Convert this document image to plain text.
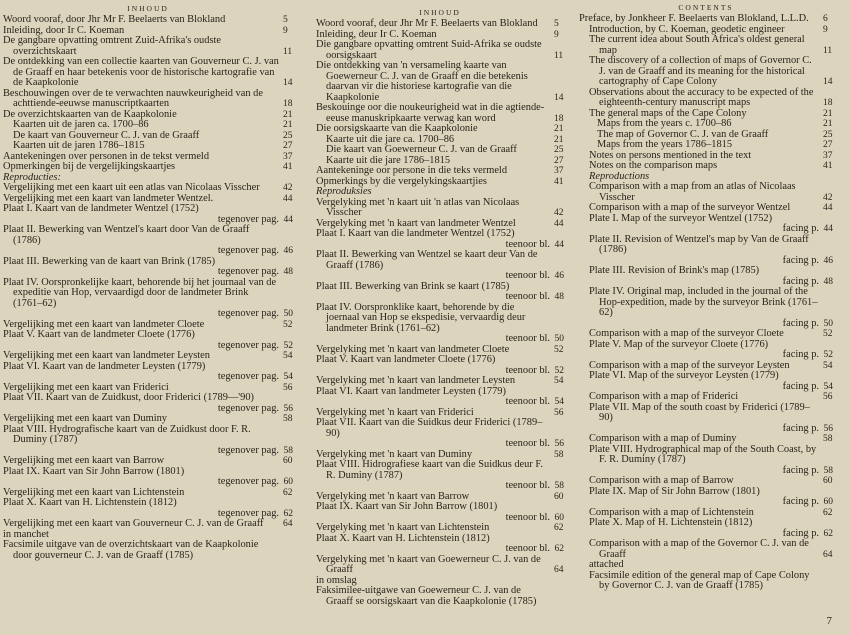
INHOUD
Woord vooraf, door Jhr Mr F. Beelaerts van Blokland	5
Inleiding, door Ir C. Koeman	9
De gangbare opvatting omtrent Zuid-Afrika's oudste overzichtskaart	11
De ontdekking van een collectie kaarten van Gouverneur C. J. van de Graaff en haar betekenis voor de historische kartografie van de Kaapkolonie	14
Beschouwingen over de te verwachten nauwkeurigheid van de achttiende-eeuwse manuscriptkaarten	18
De overzichtskaarten van de Kaapkolonie	21
Kaarten uit de jaren ca. 1700–86	21
De kaart van Gouverneur C. J. van de Graaff	25
Kaarten uit de jaren 1786–1815	27
Aantekeningen over personen in de tekst vermeld	37
Opmerkingen bij de vergelijkingskaartjes	41
Reproducties:
Vergelijking met een kaart uit een atlas van Nicolaas Visscher	42
Vergelijking met een kaart van landmeter Wentzel.	44
Plaat I. Kaart van de landmeter Wentzel (1752)
tegenover pag. 44
Plaat II. Bewerking van Wentzel's kaart door Van de Graaff (1786)
tegenover pag. 46
Plaat III. Bewerking van de kaart van Brink (1785)
tegenover pag. 48
Plaat IV. Oorspronkelijke kaart, behorende bij het journaal van de expeditie van Hop, vervaardigd door de landmeter Brink (1761–62)
tegenover pag. 50
Vergelijking met een kaart van landmeter Cloete	52
Plaat V. Kaart van de landmeter Cloete (1776)
tegenover pag. 52
Vergelijking met een kaart van landmeter Leysten	54
Plaat VI. Kaart van de landmeter Leysten (1779)
tegenover pag. 54
Vergelijking met een kaart van Friderici	56
Plaat VII. Kaart van de Zuidkust, door Friderici (1789—'90)
tegenover pag. 56
Vergelijking met een kaart van Duminy	58
Plaat VIII. Hydrografische kaart van de Zuidkust door F. R. Duminy (1787)
tegenover pag. 58
Vergelijking met een kaart van Barrow	60
Plaat IX. Kaart van Sir John Barrow (1801)
tegenover pag. 60
Vergelijking met een kaart van Lichtenstein	62
Plaat X. Kaart van H. Lichtenstein (1812)
tegenover pag. 62
Vergelijking met een kaart van Gouverneur C. J. van de Graaff	64
in manchet
Facsimile uitgave van de overzichtskaart van de Kaapkolonie door gouverneur C. J. van de Graaff (1785)
INHOUD
Woord vooraf, deur Jhr Mr F. Beelaerts van Blokland	5
Inleiding, deur Ir C. Koeman	9
Die gangbare opvatting omtrent Suid-Afrika se oudste oorsigskaart	11
Die ontdekking van 'n versameling kaarte van Goewerneur C. J. van de Graaff en die betekenis daarvan vir die historiese kartografie van die Kaapkolonie	14
Beskouinge oor die noukeurigheid wat in die agtiende-eeuse manuskripkaarte verwag kan word	18
Die oorsigskaarte van die Kaapkolonie	21
Kaarte uit die jare ca. 1700–86	21
Die kaart van Goewerneur C. J. van de Graaff	25
Kaarte uit die jare 1786–1815	27
Aantekeninge oor persone in die teks vermeld	37
Opmerkings by die vergelykingskaartjies	41
Reproduksies
Vergelyking met 'n kaart uit 'n atlas van Nicolaas Visscher	42
Vergelyking met 'n kaart van landmeter Wentzel	44
Plaat I. Kaart van die landmeter Wentzel (1752)
teenoor bl. 44
Plaat II. Bewerking van Wentzel se kaart deur Van de Graaff (1786)
teenoor bl. 46
Plaat III. Bewerking van Brink se kaart (1785)
teenoor bl. 48
Plaat IV. Oorspronklike kaart, behorende by die joernaal van Hop se ekspedisie, vervaardig deur landmeter Brink (1761–62)
teenoor bl. 50
Vergelyking met 'n kaart van landmeter Cloete	52
Plaat V. Kaart van landmeter Cloete (1776)
teenoor bl. 52
Vergelyking met 'n kaart van landmeter Leysten	54
Plaat VI. Kaart van landmeter Leysten (1779)
teenoor bl. 54
Vergelyking met 'n kaart van Friderici	56
Plaat VII. Kaart van die Suidkus deur Friderici (1789–90)
teenoor bl. 56
Vergelyking met 'n kaart van Duminy	58
Plaat VIII. Hidrografiese kaart van die Suidkus deur F. R. Duminy (1787)
teenoor bl. 58
Vergelyking met 'n kaart van Barrow	60
Plaat IX. Kaart van Sir John Barrow (1801)
teenoor bl. 60
Vergelyking met 'n kaart van Lichtenstein	62
Plaat X. Kaart van H. Lichtenstein (1812)
teenoor bl. 62
Vergelyking met 'n kaart van Goewerneur C. J. van de Graaff	64
in omslag
Faksimilee-uitgawe van Goewerneur C. J. van de Graaff se oorsigskaart van die Kaapkolonie (1785)
CONTENTS
Preface, by Jonkheer F. Beelaerts van Blokland, L.L.D.	6
Introduction, by C. Koeman, geodetic engineer	9
The current idea about South Africa's oldest general map	11
The discovery of a collection of maps of Governor C. J. van de Graaff and its meaning for the historical cartography of Cape Colony	14
Observations about the accuracy to be expected of the eighteenth-century manuscript maps	18
The general maps of the Cape Colony	21
Maps from the years c. 1700–86	21
The map of Governor C. J. van de Graaff	25
Maps from the years 1786–1815	27
Notes on persons mentioned in the text	37
Notes on the comparison maps	41
Reproductions
Comparison with a map from an atlas of Nicolaas Visscher	42
Comparison with a map of the surveyor Wentzel	44
Plate I. Map of the surveyor Wentzel (1752)
facing p. 44
Plate II. Revision of Wentzel's map by Van de Graaff (1786)
facing p. 46
Plate III. Revision of Brink's map (1785)
facing p. 48
Plate IV. Original map, included in the journal of the Hop-expedition, made by the surveyor Brink (1761–62)
facing p. 50
Comparison with a map of the surveyor Cloete	52
Plate V. Map of the surveyor Cloete (1776)
facing p. 52
Comparison with a map of the surveyor Leysten	54
Plate VI. Map of the surveyor Leysten (1779)
facing p. 54
Comparison with a map of Friderici	56
Plate VII. Map of the south coast by Friderici (1789–90)
facing p. 56
Comparison with a map of Duminy	58
Plate VIII. Hydrographical map of the South Coast, by F. R. Duminy (1787)
facing p. 58
Comparison with a map of Barrow	60
Plate IX. Map of Sir John Barrow (1801)
facing p. 60
Comparison with a map of Lichtenstein	62
Plate X. Map of H. Lichtenstein (1812)
facing p. 62
Comparison with a map of the Governor C. J. van de Graaff	64
attached
Facsimile edition of the general map of Cape Colony by Governor C. J. van de Graaff (1785)
7
